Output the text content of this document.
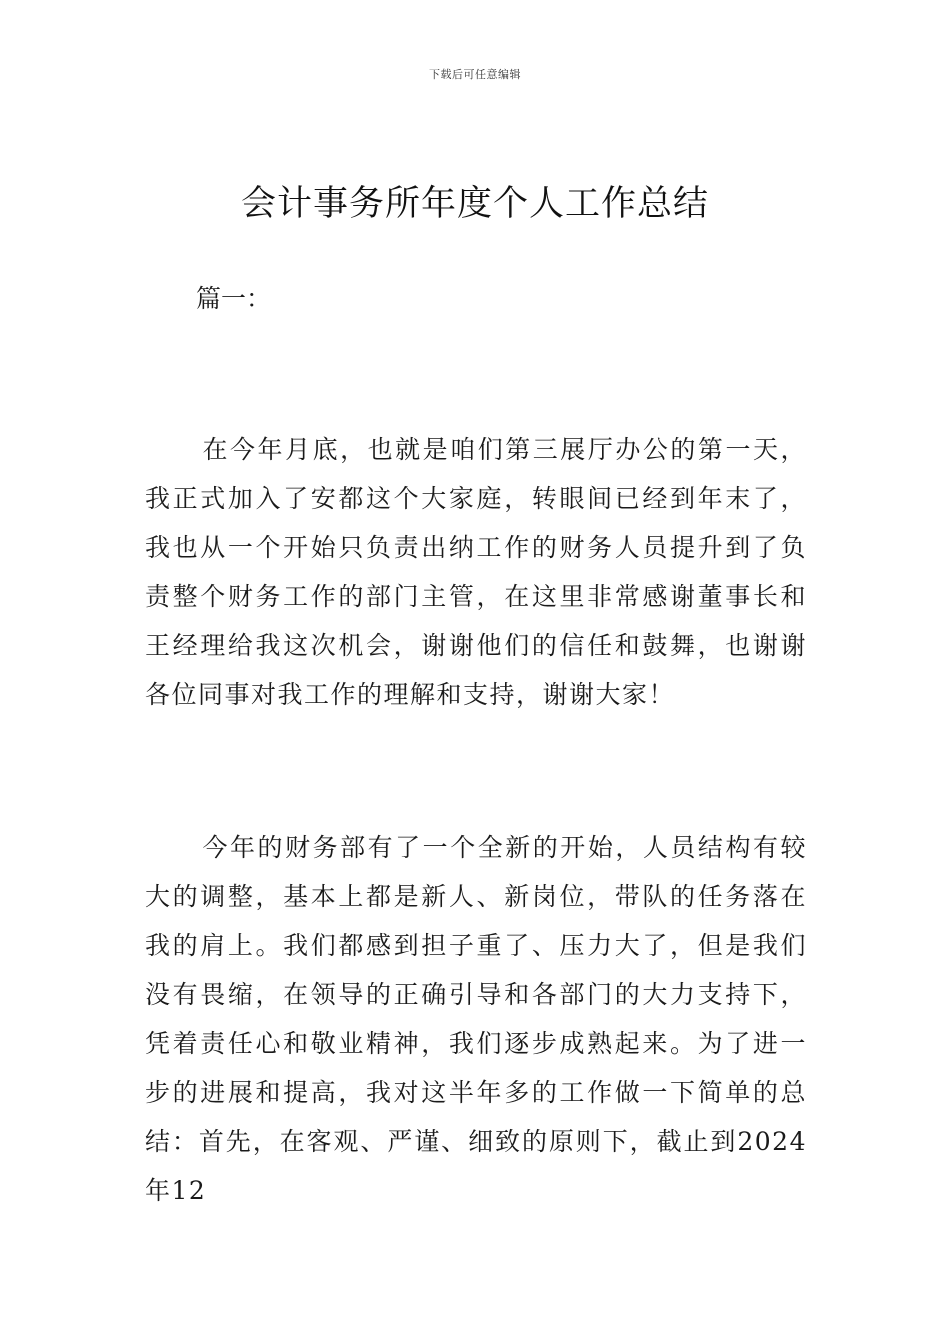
下载后可任意编辑
会计事务所年度个人工作总结
篇一：

在今年月底，也就是咱们第三展厅办公的第一天，我正式加入了安都这个大家庭，转眼间已经到年末了，我也从一个开始只负责出纳工作的财务人员提升到了负责整个财务工作的部门主管，在这里非常感谢董事长和王经理给我这次机会，谢谢他们的信任和鼓舞，也谢谢各位同事对我工作的理解和支持，谢谢大家！

今年的财务部有了一个全新的开始，人员结构有较大的调整，基本上都是新人、新岗位，带队的任务落在我的肩上。我们都感到担子重了、压力大了，但是我们没有畏缩，在领导的正确引导和各部门的大力支持下，凭着责任心和敬业精神，我们逐步成熟起来。为了进一步的进展和提高，我对这半年多的工作做一下简单的总结：首先，在客观、严谨、细致的原则下，截止到2024年12
